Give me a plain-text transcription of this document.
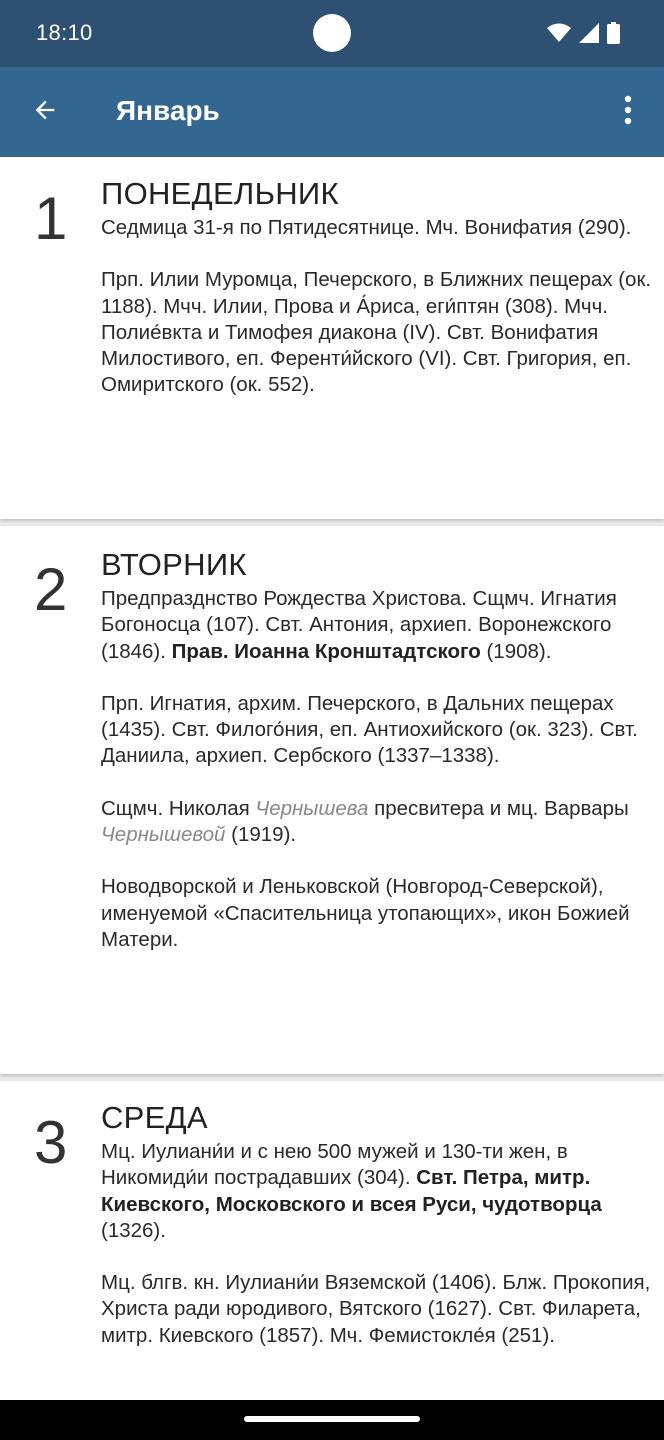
18:10
Январь
1 ПОНЕДЕЛЬНИК

Седмица 31-я по Пятидесятнице. Мч. Вонифатия (290).

Прп. Илии Муромца, Печерского, в Ближних пещерах (ок. 1188). Мчч. Илии, Прова и А́риса, еги́птян (308). Мчч. Полие́вкта и Тимофея диакона (IV). Свт. Вонифатия Милостивого, еп. Ференти́йского (VI). Свт. Григория, еп. Омиритского (ок. 552).

2 ВТОРНИК

Предпразднство Рождества Христова. Сщмч. Игнатия Богоносца (107). Свт. Антония, архиеп. Воронежского (1846). Прав. Иоанна Кронштадтского (1908).

Прп. Игнатия, архим. Печерского, в Дальних пещерах (1435). Свт. Филого́ния, еп. Антиохийского (ок. 323). Свт. Даниила, архиеп. Сербского (1337–1338).

Сщмч. Николая Чернышева пресвитера и мц. Варвары Чернышевой (1919).

Новодворской и Леньковской (Новгород-Северской), именуемой «Спасительница утопающих», икон Божией Матери.

3 СРЕДА

Мц. Иулиани́и и с нею 500 мужей и 130-ти жен, в Никомиди́и пострадавших (304). Свт. Петра, митр. Киевского, Московского и всея Руси, чудотворца (1326).

Мц. блгв. кн. Иулиани́и Вяземской (1406). Блж. Прокопия, Христа ради юродивого, Вятского (1627). Свт. Филарета, митр. Киевского (1857). Мч. Фемистокле́я (251).
